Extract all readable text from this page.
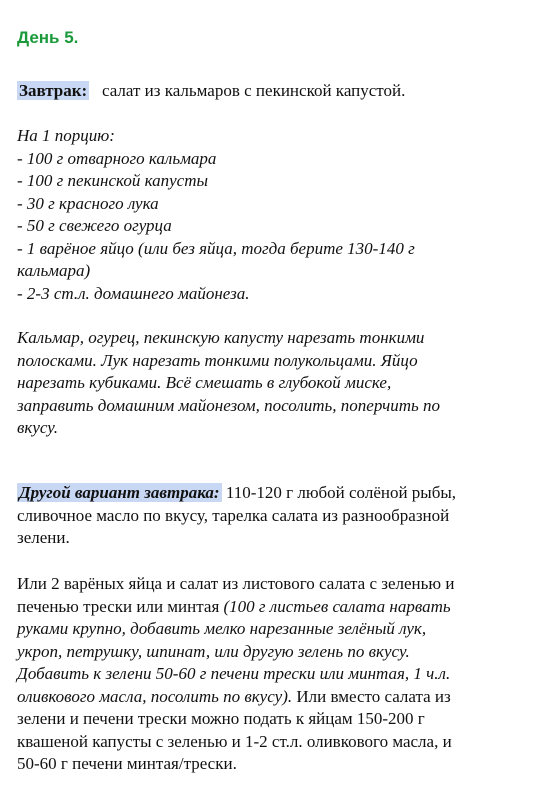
День 5.

Завтрак: салат из кальмаров с пекинской капустой.

На 1 порцию:
- 100 г отварного кальмара
- 100 г пекинской капусты
- 30 г красного лука
- 50 г свежего огурца
- 1 варёное яйцо (или без яйца, тогда берите 130-140 г
кальмара)
- 2-3 ст.л. домашнего майонеза.
Кальмар, огурец, пекинскую капусту нарезать тонкими
полосками. Лук нарезать тонкими полукольцами. Яйцо
нарезать кубиками. Всё смешать в глубокой миске,
заправить домашним майонезом, посолить, поперчить по
вкусу.
Другой вариант завтрака: 110-120 г любой солёной рыбы,
сливочное масло по вкусу, тарелка салата из разнообразной
зелени.
Или 2 варёных яйца и салат из листового салата с зеленью и
печенью трески или минтая (100 г листьев салата нарвать
руками крупно, добавить мелко нарезанные зелёный лук,
укроп, петрушку, шпинат, или другую зелень по вкусу.
Добавить к зелени 50-60 г печени трески или минтая, 1 ч.л.
оливкового масла, посолить по вкусу). Или вместо салата из
зелени и печени трески можно подать к яйцам 150-200 г
квашеной капусты с зеленью и 1-2 ст.л. оливкового масла, и
50-60 г печени минтая/трески.
